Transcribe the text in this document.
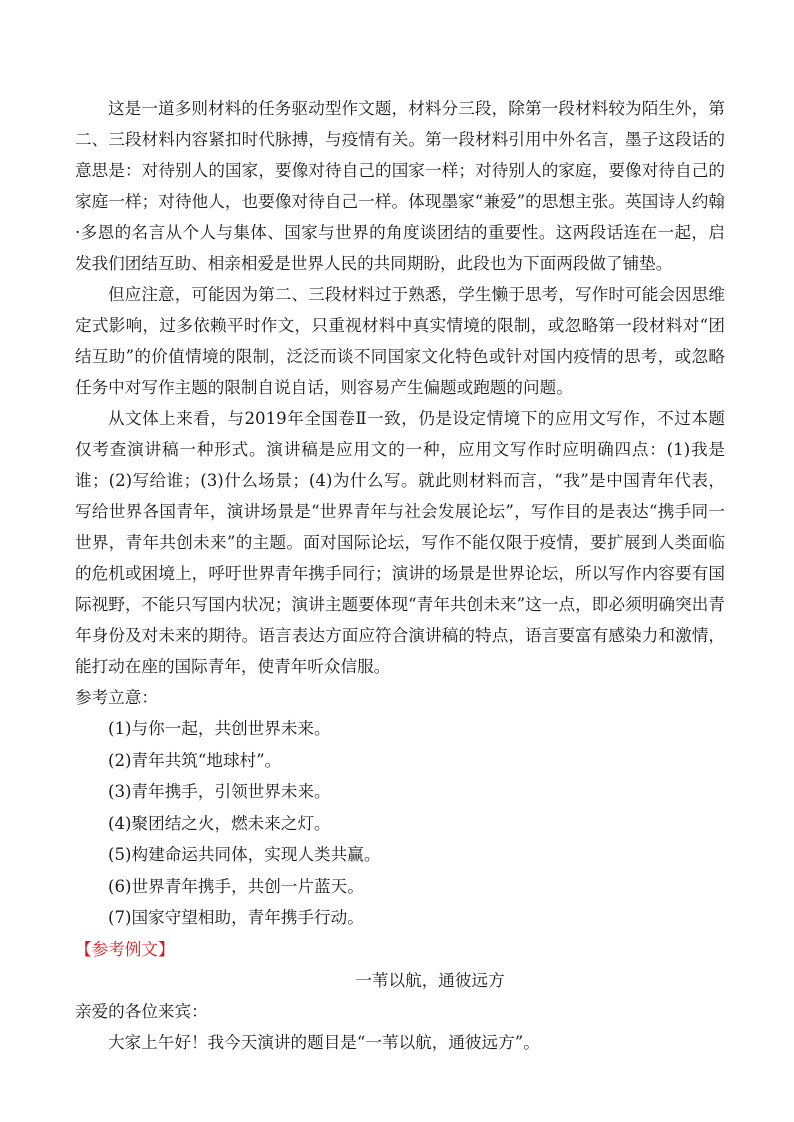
这是一道多则材料的任务驱动型作文题，材料分三段，除第一段材料较为陌生外，第二、三段材料内容紧扣时代脉搏，与疫情有关。第一段材料引用中外名言，墨子这段话的意思是：对待别人的国家，要像对待自己的国家一样；对待别人的家庭，要像对待自己的家庭一样；对待他人，也要像对待自己一样。体现墨家“兼爱”的思想主张。英国诗人约翰·多恩的名言从个人与集体、国家与世界的角度谈团结的重要性。这两段话连在一起，启发我们团结互助、相亲相爱是世界人民的共同期盼，此段也为下面两段做了铺垫。

但应注意，可能因为第二、三段材料过于熟悉，学生懒于思考，写作时可能会因思维定式影响，过多依赖平时作文，只重视材料中真实情境的限制，或忽略第一段材料对“团结互助”的价值情境的限制，泛泛而谈不同国家文化特色或针对国内疫情的思考，或忽略任务中对写作主题的限制自说自话，则容易产生偏题或跑题的问题。

从文体上来看，与2019年全国卷Ⅱ一致，仍是设定情境下的应用文写作，不过本题仅考查演讲稿一种形式。演讲稿是应用文的一种，应用文写作时应明确四点：(1)我是谁；(2)写给谁；(3)什么场景；(4)为什么写。就此则材料而言，“我”是中国青年代表，写给世界各国青年，演讲场景是“世界青年与社会发展论坛”，写作目的是表达“携手同一世界，青年共创未来”的主题。面对国际论坛，写作不能仅限于疫情，要扩展到人类面临的危机或困境上，呼吁世界青年携手同行；演讲的场景是世界论坛，所以写作内容要有国际视野，不能只写国内状况；演讲主题要体现“青年共创未来”这一点，即必须明确突出青年身份及对未来的期待。语言表达方面应符合演讲稿的特点，语言要富有感染力和激情，能打动在座的国际青年，使青年听众信服。

参考立意：

(1)与你一起，共创世界未来。
(2)青年共筑“地球村”。
(3)青年携手，引领世界未来。
(4)聚团结之火，燃未来之灯。
(5)构建命运共同体，实现人类共赢。
(6)世界青年携手，共创一片蓝天。
(7)国家守望相助，青年携手行动。

【参考例文】

一苇以航，通彼远方

亲爱的各位来宾：

大家上午好！我今天演讲的题目是“一苇以航，通彼远方”。
